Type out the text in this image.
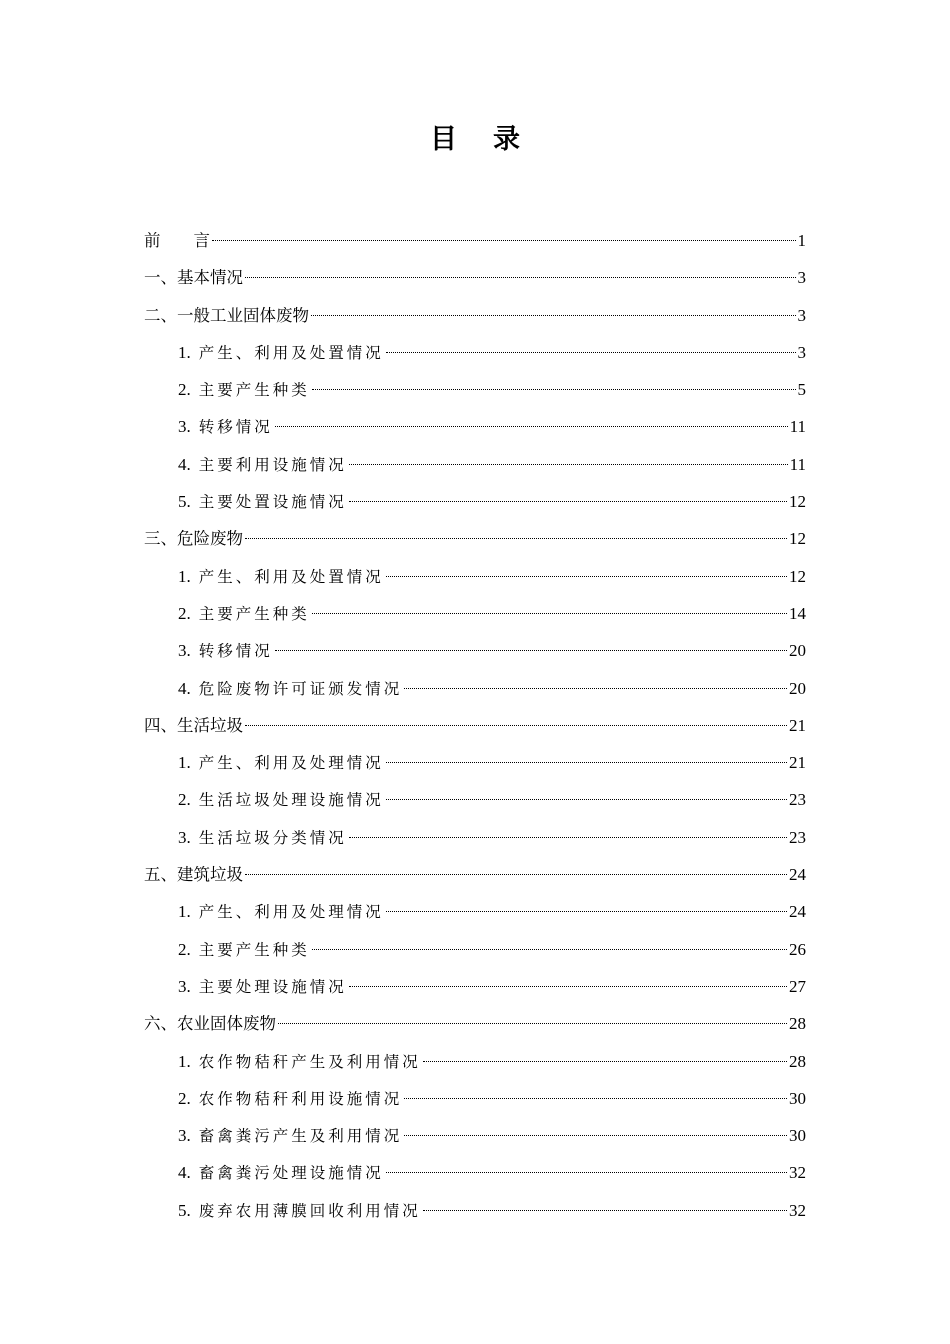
目 录
前　　言	1
一、基本情况	3
二、一般工业固体废物	3
1. 产生、利用及处置情况	3
2. 主要产生种类	5
3. 转移情况	11
4. 主要利用设施情况	11
5. 主要处置设施情况	12
三、危险废物	12
1. 产生、利用及处置情况	12
2. 主要产生种类	14
3. 转移情况	20
4. 危险废物许可证颁发情况	20
四、生活垃圾	21
1. 产生、利用及处理情况	21
2. 生活垃圾处理设施情况	23
3. 生活垃圾分类情况	23
五、建筑垃圾	24
1. 产生、利用及处理情况	24
2. 主要产生种类	26
3. 主要处理设施情况	27
六、农业固体废物	28
1. 农作物秸秆产生及利用情况	28
2. 农作物秸秆利用设施情况	30
3. 畜禽粪污产生及利用情况	30
4. 畜禽粪污处理设施情况	32
5. 废弃农用薄膜回收利用情况	32
